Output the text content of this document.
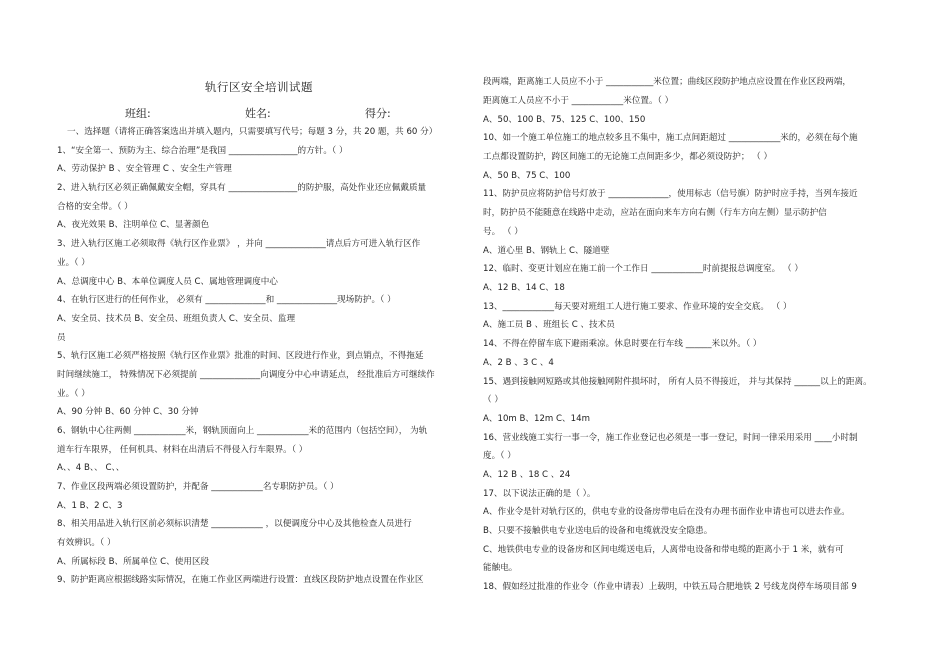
轨行区安全培训试题
班组:	姓名:	得分:
一、选择题（请将正确答案选出并填入题内，只需要填写代号；每题 3 分，共 20 题，共 60 分）
1、“安全第一、预防为主、综合治理”是我国 ________________的方针。（ ）
A、劳动保护 B 、安全管理 C 、安全生产管理
2、进入轨行区必须正确佩戴安全帽，穿具有 ________________的防护服，高处作业还应佩戴质量
合格的安全带。（ ）
A、夜光效果 B、注明单位 C、显著颜色
3、进入轨行区施工必须取得《轨行区作业票》 ，并向 ______________请点后方可进入轨行区作
业。（ ）
A、总调度中心 B、本单位调度人员 C、属地管理调度中心
4、在轨行区进行的任何作业， 必须有 ______________和 ______________现场防护。（ ）
A、安全员、技术员 B、安全员、班组负责人 C、安全员、监理
员
5、轨行区施工必须严格按照《轨行区作业票》批准的时间、区段进行作业，到点销点，不得拖延
时间继续施工， 特殊情况下必须提前 ______________向调度分中心申请延点， 经批准后方可继续作
业。（ ）
A、90 分钟 B、60 分钟 C、30 分钟
6、钢轨中心往两侧 ____________米，钢轨顶面向上 ____________米的范围内（包括空间）， 为轨
道车行车限界， 任何机具、材料在出清后不得侵入行车限界。（ ）
A、、4 B、、 C、、
7、作业区段两端必须设置防护，并配备 ____________名专职防护员。（ ）
A、1 B、2 C、3
8、相关用品进入轨行区前必须标识清楚 ____________ ，以便调度分中心及其他检查人员进行
有效辨识。（ ）
A、所属标段 B、所属单位 C、使用区段
9、防护距离应根据线路实际情况，在施工作业区两端进行设置：直线区段防护地点设置在作业区
段两端，距离施工人员应不小于 ___________米位置；曲线区段防护地点应设置在作业区段两端，
距离施工人员应不小于 ____________米位置。（ ）
A、50、100 B、75、125 C、100、150
10、如一个施工单位施工的地点较多且不集中，施工点间距超过 ____________米的，必须在每个施
工点都设置防护，跨区间施工的无论施工点间距多少，都必须设防护； （ ）
A、50 B、75 C、100
11、防护员应将防护信号灯放于 ______________，使用标志（信号旗）防护时应手持，当列车接近
时，防护员不能随意在线路中走动，应站在面向来车方向右侧（行车方向左侧）显示防护信
号。 （ ）
A、道心里 B、钢轨上 C、隧道壁
12、临时、变更计划应在施工前一个工作日 ____________时前提报总调度室。 （ ）
A、12 B、14 C、18
13、____________每天要对班组工人进行施工要求、作业环境的安全交底。 （ ）
A、施工员 B 、班组长 C 、技术员
14、不得在停留车底下避雨乘凉。休息时要在行车线 ______米以外。（ ）
A、2 B 、3 C 、4
15、遇到接触网短路或其他接触网附件损坏时， 所有人员不得接近， 并与其保持 ______以上的距离。
（ ）
A、10m B、12m C、14m
16、营业线施工实行一事一令，施工作业登记也必须是一事一登记，时间一律采用采用 ____小时制
度。（ ）
A、12 B 、18 C 、24
17、以下说法正确的是（ ）。
A、作业令是针对轨行区的，供电专业的设备房带电后在没有办理书面作业申请也可以进去作业。
B、只要不接触供电专业送电后的设备和电缆就没安全隐患。
C、地铁供电专业的设备房和区间电缆送电后，人离带电设备和带电缆的距离小于 1 米，就有可
能触电。
18、假如经过批准的作业令（作业申请表）上载明，中铁五局合肥地铁 2 号线龙岗停车场项目部 9
